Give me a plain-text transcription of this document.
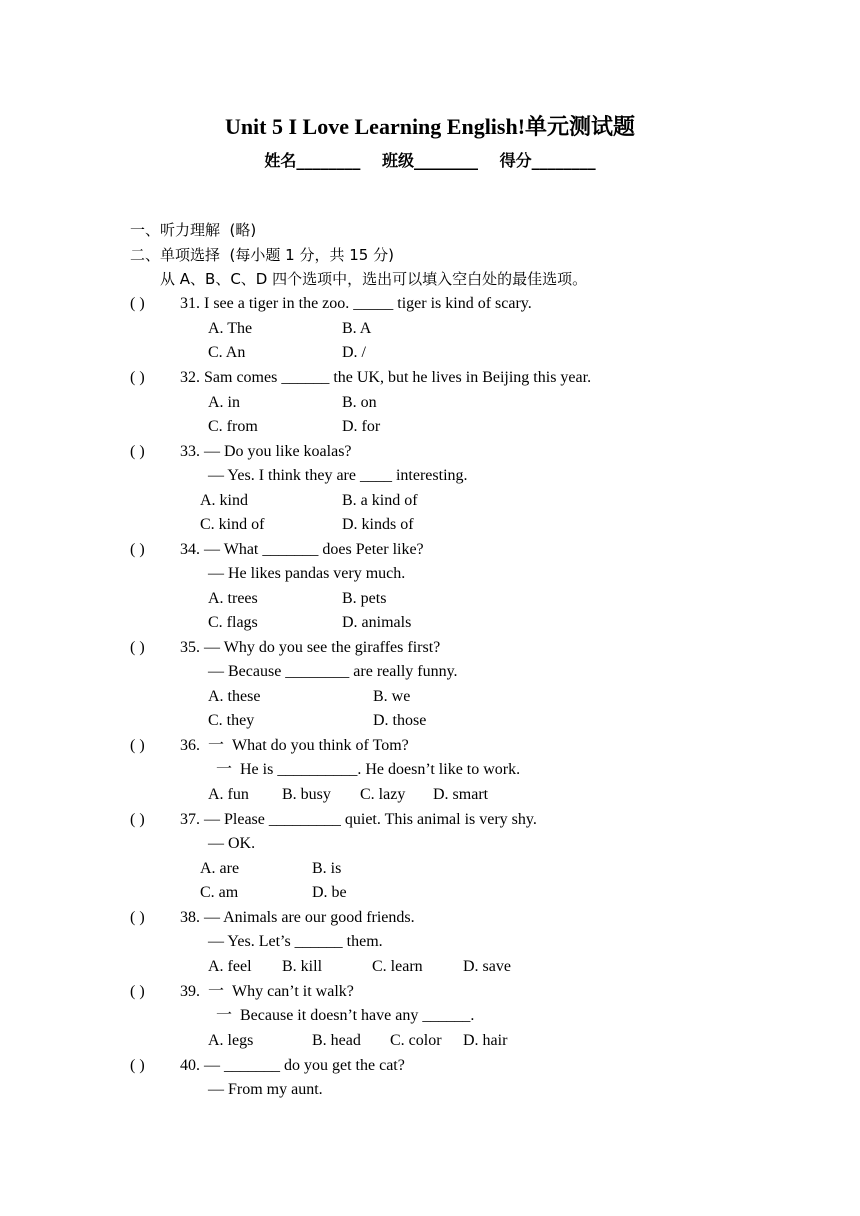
Unit 5 I Love Learning English!单元测试题
姓名________ 班级________ 得分________
一、听力理解  (略)
二、单项选择  (每小题 1 分，共 15 分)
从 A、B、C、D 四个选项中，选出可以填入空白处的最佳选项。
( ) 31. I see a tiger in the zoo. _____ tiger is kind of scary.
A. The	B. A
C. An	D. /
( ) 32. Sam comes ______ the UK, but he lives in Beijing this year.
A. in	B. on
C. from	D. for
( ) 33. — Do you like koalas?
— Yes. I think they are ____ interesting.
A. kind	B. a kind of
C. kind of	D. kinds of
( ) 34. — What _______ does Peter like?
— He likes pandas very much.
A. trees	B. pets
C. flags	D. animals
( ) 35. — Why do you see the giraffes first?
— Because ________ are really funny.
A. these	B. we
C. they	D. those
( ) 36.  一  What do you think of Tom?
一  He is __________. He doesn’t like to work.
A. fun B. busy C. lazy D. smart
( ) 37. — Please _________ quiet. This animal is very shy.
— OK.
A. are	B. is
C. am	D. be
( ) 38. — Animals are our good friends.
— Yes. Let’s ______ them.
A. feel B. kill	C. learn	D. save
( ) 39.  一  Why can’t it walk?
一  Because it doesn’t have any ______.
A. legs	B. head C. color D. hair
( ) 40. — _______ do you get the cat?
— From my aunt.
